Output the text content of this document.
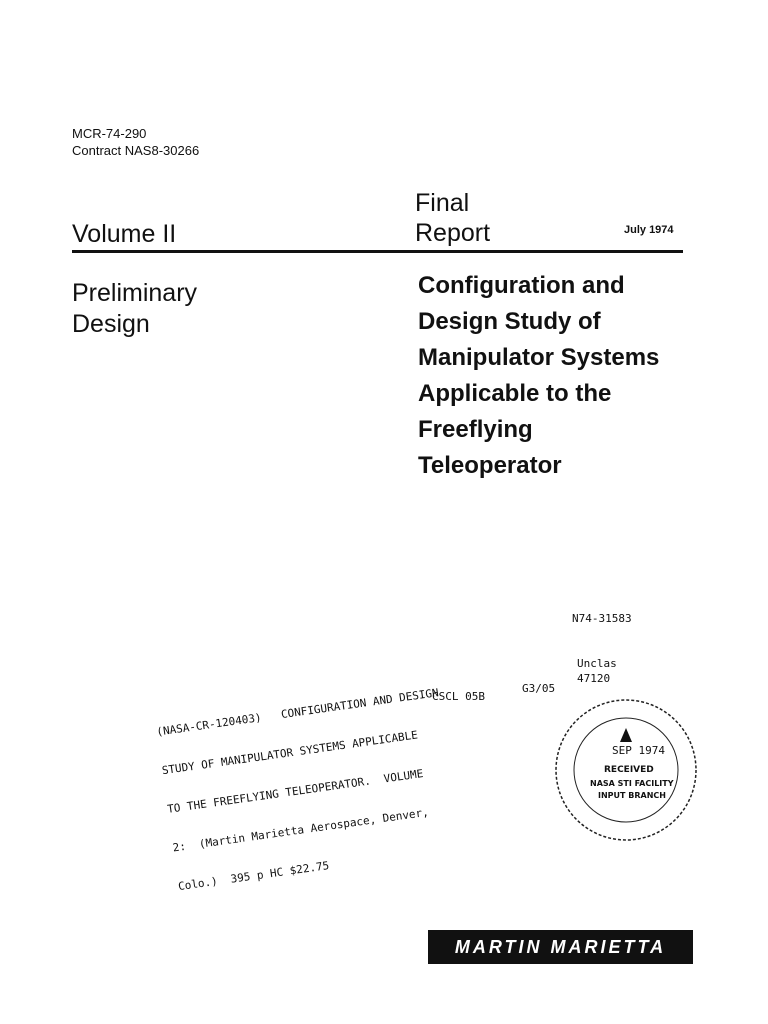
MCR-74-290
Contract NAS8-30266
Final
Report
Volume II	July 1974
Preliminary
Design
Configuration and
Design Study of
Manipulator Systems
Applicable to the
Freeflying
Teleoperator
N74-31583

(NASA-CR-120403)   CONFIGURATION AND DESIGN

STUDY OF MANIPULATOR SYSTEMS APPLICABLE

TO THE FREEFLYING TELEOPERATOR.  VOLUME

2:  (Martin Marietta Aerospace, Denver,

Colo.)  395 p HC $22.75

CSCL 05B
G3/05
Unclas
47120
SEP 1974
RECEIVED
NASA STI FACILITY
INPUT BRANCH
MARTIN MARIETTA
